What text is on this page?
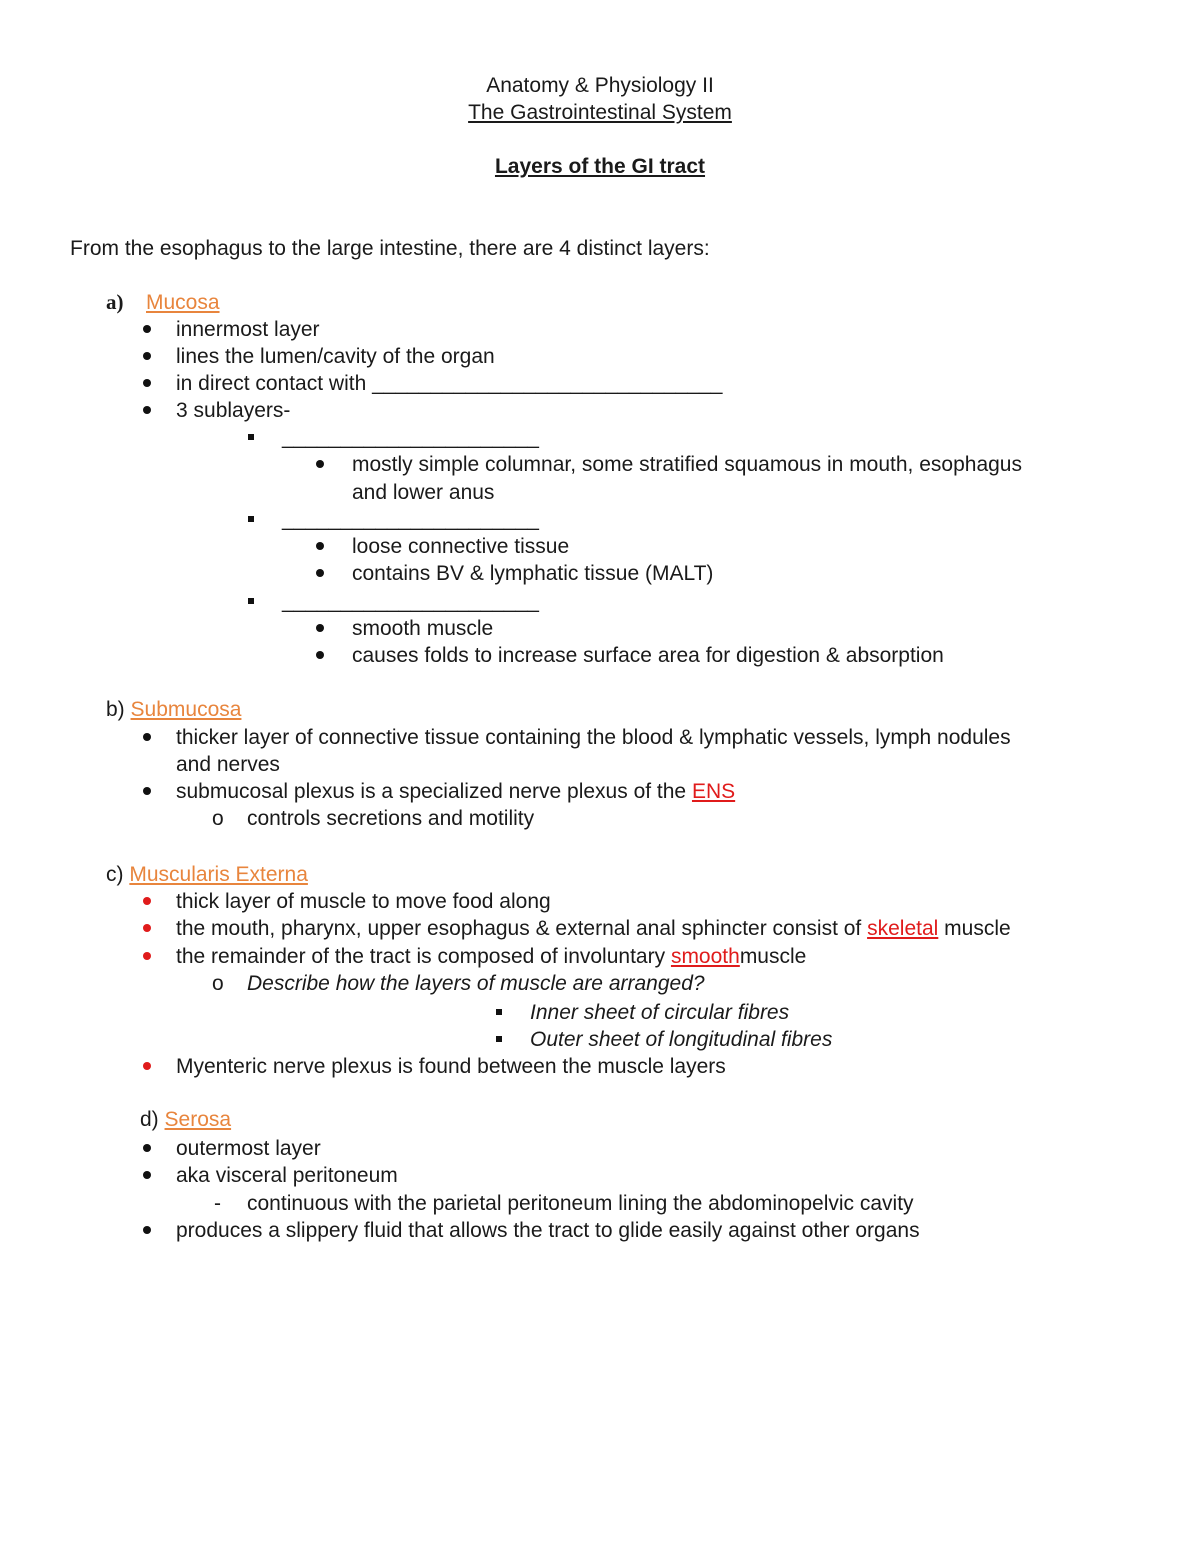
Anatomy & Physiology II
The Gastrointestinal System
Layers of the GI tract
From the esophagus to the large intestine, there are 4 distinct layers:
a) Mucosa
innermost layer
lines the lumen/cavity of the organ
in direct contact with ______________________________
3 sublayers-
______________________
mostly simple columnar, some stratified squamous in mouth, esophagus
and lower anus
______________________
loose connective tissue
contains BV & lymphatic tissue (MALT)
______________________
smooth muscle
causes folds to increase surface area for digestion & absorption
b) Submucosa
thicker layer of connective tissue containing the blood & lymphatic vessels, lymph nodules
and nerves
submucosal plexus is a specialized nerve plexus of the ENS
o controls secretions and motility
c) Muscularis Externa
thick layer of muscle to move food along
the mouth, pharynx, upper esophagus & external anal sphincter consist of skeletal muscle
the remainder of the tract is composed of involuntary smoothmuscle
o Describe how the layers of muscle are arranged?
Inner sheet of circular fibres
Outer sheet of longitudinal fibres
Myenteric nerve plexus is found between the muscle layers
d) Serosa
outermost layer
aka visceral peritoneum
- continuous with the parietal peritoneum lining the abdominopelvic cavity
produces a slippery fluid that allows the tract to glide easily against other organs
